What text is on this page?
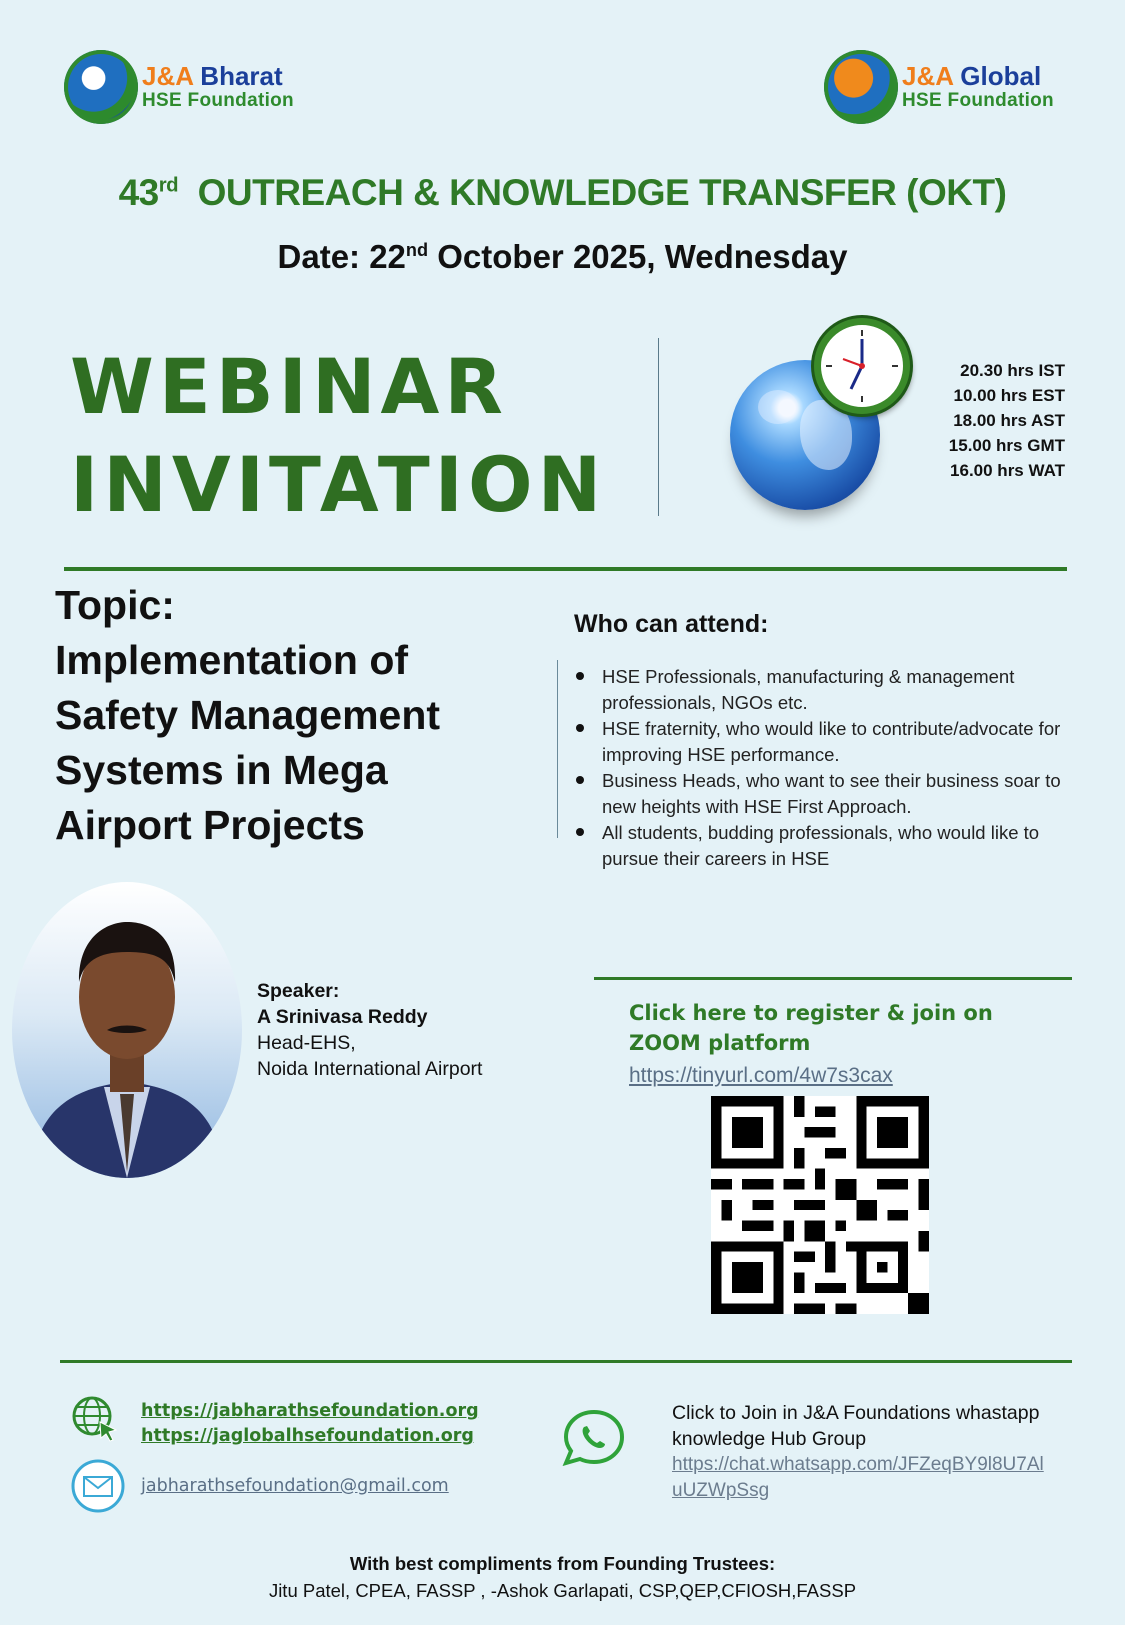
J&A Bharat
HSE Foundation
J&A Global
HSE Foundation
43rd OUTREACH & KNOWLEDGE TRANSFER (OKT)
Date: 22nd October 2025, Wednesday
WEBINAR
INVITATION
20.30 hrs IST
10.00 hrs EST
18.00 hrs AST
15.00 hrs GMT
16.00 hrs WAT
Topic:
Implementation of
Safety Management
Systems in Mega
Airport Projects
Who can attend:
HSE Professionals, manufacturing & management professionals, NGOs etc.
HSE fraternity, who would like to contribute/advocate for improving HSE performance.
Business Heads, who want to see their business soar to new heights with HSE First Approach.
All students, budding professionals, who would like to pursue their careers in HSE
Speaker:
A Srinivasa Reddy
Head-EHS,
Noida International Airport
Click here to register & join on ZOOM platform
https://tinyurl.com/4w7s3cax
https://jabharathsefoundation.org
https://jaglobalhsefoundation.org
jabharathsefoundation@gmail.com
Click to Join in J&A Foundations whastapp knowledge Hub Group
https://chat.whatsapp.com/JFZeqBY9l8U7AluUZWpSsg
With best compliments from Founding Trustees:
Jitu Patel, CPEA, FASSP , -Ashok Garlapati, CSP,QEP,CFIOSH,FASSP
